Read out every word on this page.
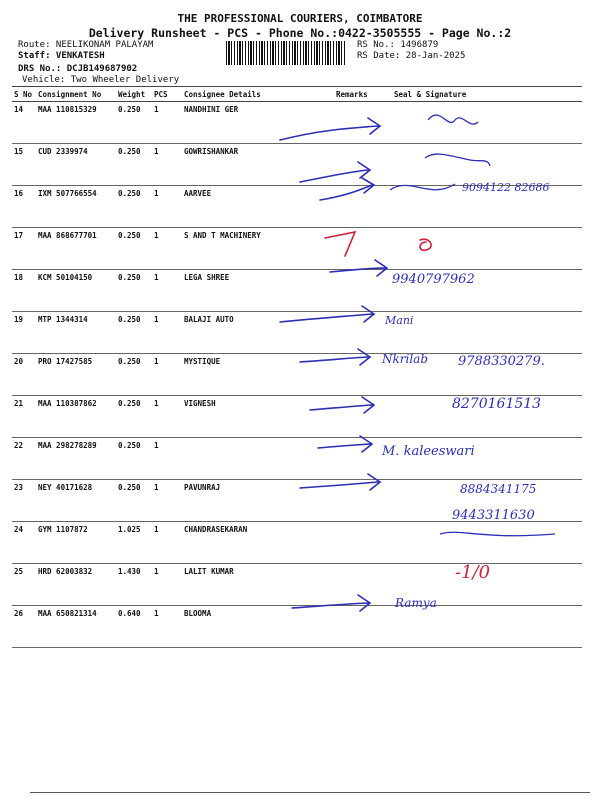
THE PROFESSIONAL COURIERS, COIMBATORE
Delivery Runsheet - PCS - Phone No.:0422-3505555 - Page No.:2
Route: NEELIKONAM PALAYAM
Staff: VENKATESH
DRS No.: DCJB149687902
Vehicle: Two Wheeler Delivery
RS No.: 1496879
RS Date: 28-Jan-2025
S No	Consignment No	Weight	PCS	Consignee Details	Remarks	Seal & Signature
14	MAA 110815329	0.250	1	NANDHINI GER		
15	CUD 2339974	0.250	1	GOWRISHANKAR		
16	IXM 507766554	0.250	1	AARVEE		
17	MAA 868677701	0.250	1	S AND T MACHINERY		
18	KCM 50104150	0.250	1	LEGA SHREE		
19	MTP 1344314	0.250	1	BALAJI AUTO		
20	PRO 17427585	0.250	1	MYSTIQUE		
21	MAA 110387862	0.250	1	VIGNESH		
22	MAA 298278289	0.250	1			
23	NEY 40171628	0.250	1	PAVUNRAJ		
24	GYM 1107872	1.025	1	CHANDRASEKARAN		
25	HRD 62003832	1.430	1	LALIT KUMAR		
26	MAA 650821314	0.640	1	BLOOMA		
9094122 82686
9940797962
Mani
Nkrilab 9788330279.
8270161513
M. kaleeswari
8884341175
9443311630
-1/0
Ramya
